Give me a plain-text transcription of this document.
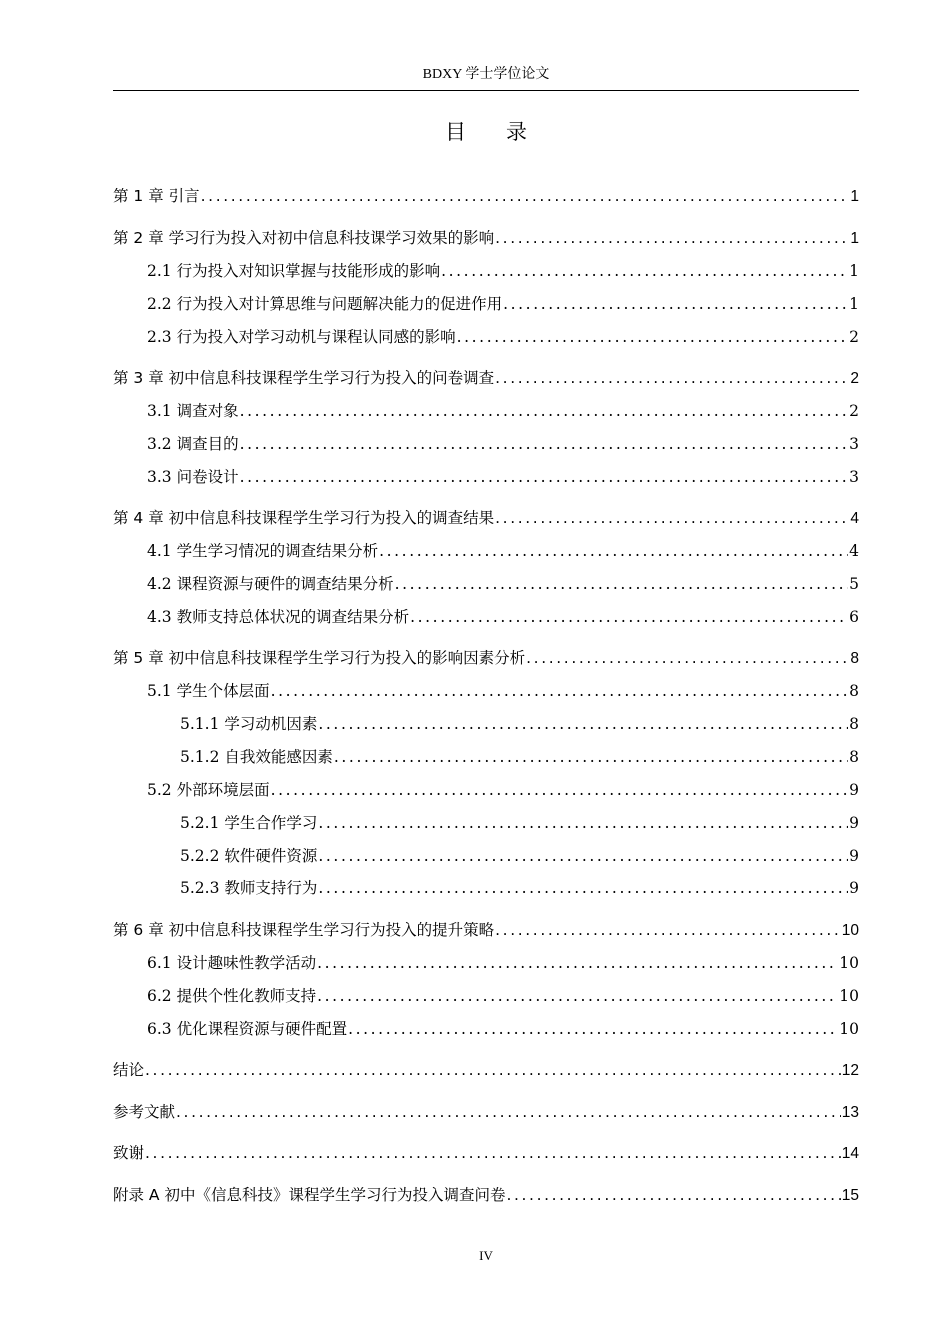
BDXY 学士学位论文
目录
第 1 章 引言 .....	1
第 2 章 学习行为投入对初中信息科技课学习效果的影响 .....	1
2.1 行为投入对知识掌握与技能形成的影响 .....	1
2.2 行为投入对计算思维与问题解决能力的促进作用 .....	1
2.3 行为投入对学习动机与课程认同感的影响 .....	2
第 3 章 初中信息科技课程学生学习行为投入的问卷调查 .....	2
3.1 调查对象 .....	2
3.2 调查目的 .....	3
3.3 问卷设计 .....	3
第 4 章 初中信息科技课程学生学习行为投入的调查结果 .....	4
4.1 学生学习情况的调查结果分析 .....	4
4.2 课程资源与硬件的调查结果分析 .....	5
4.3 教师支持总体状况的调查结果分析 .....	6
第 5 章 初中信息科技课程学生学习行为投入的影响因素分析 .....	8
5.1 学生个体层面 .....	8
5.1.1 学习动机因素 .....	8
5.1.2 自我效能感因素 .....	8
5.2 外部环境层面 .....	9
5.2.1 学生合作学习 .....	9
5.2.2 软件硬件资源 .....	9
5.2.3 教师支持行为 .....	9
第 6 章 初中信息科技课程学生学习行为投入的提升策略 .....	10
6.1 设计趣味性教学活动 .....	10
6.2 提供个性化教师支持 .....	10
6.3 优化课程资源与硬件配置 .....	10
结论 .....	12
参考文献 .....	13
致谢 .....	14
附录 A 初中《信息科技》课程学生学习行为投入调查问卷 .....	15
IV
